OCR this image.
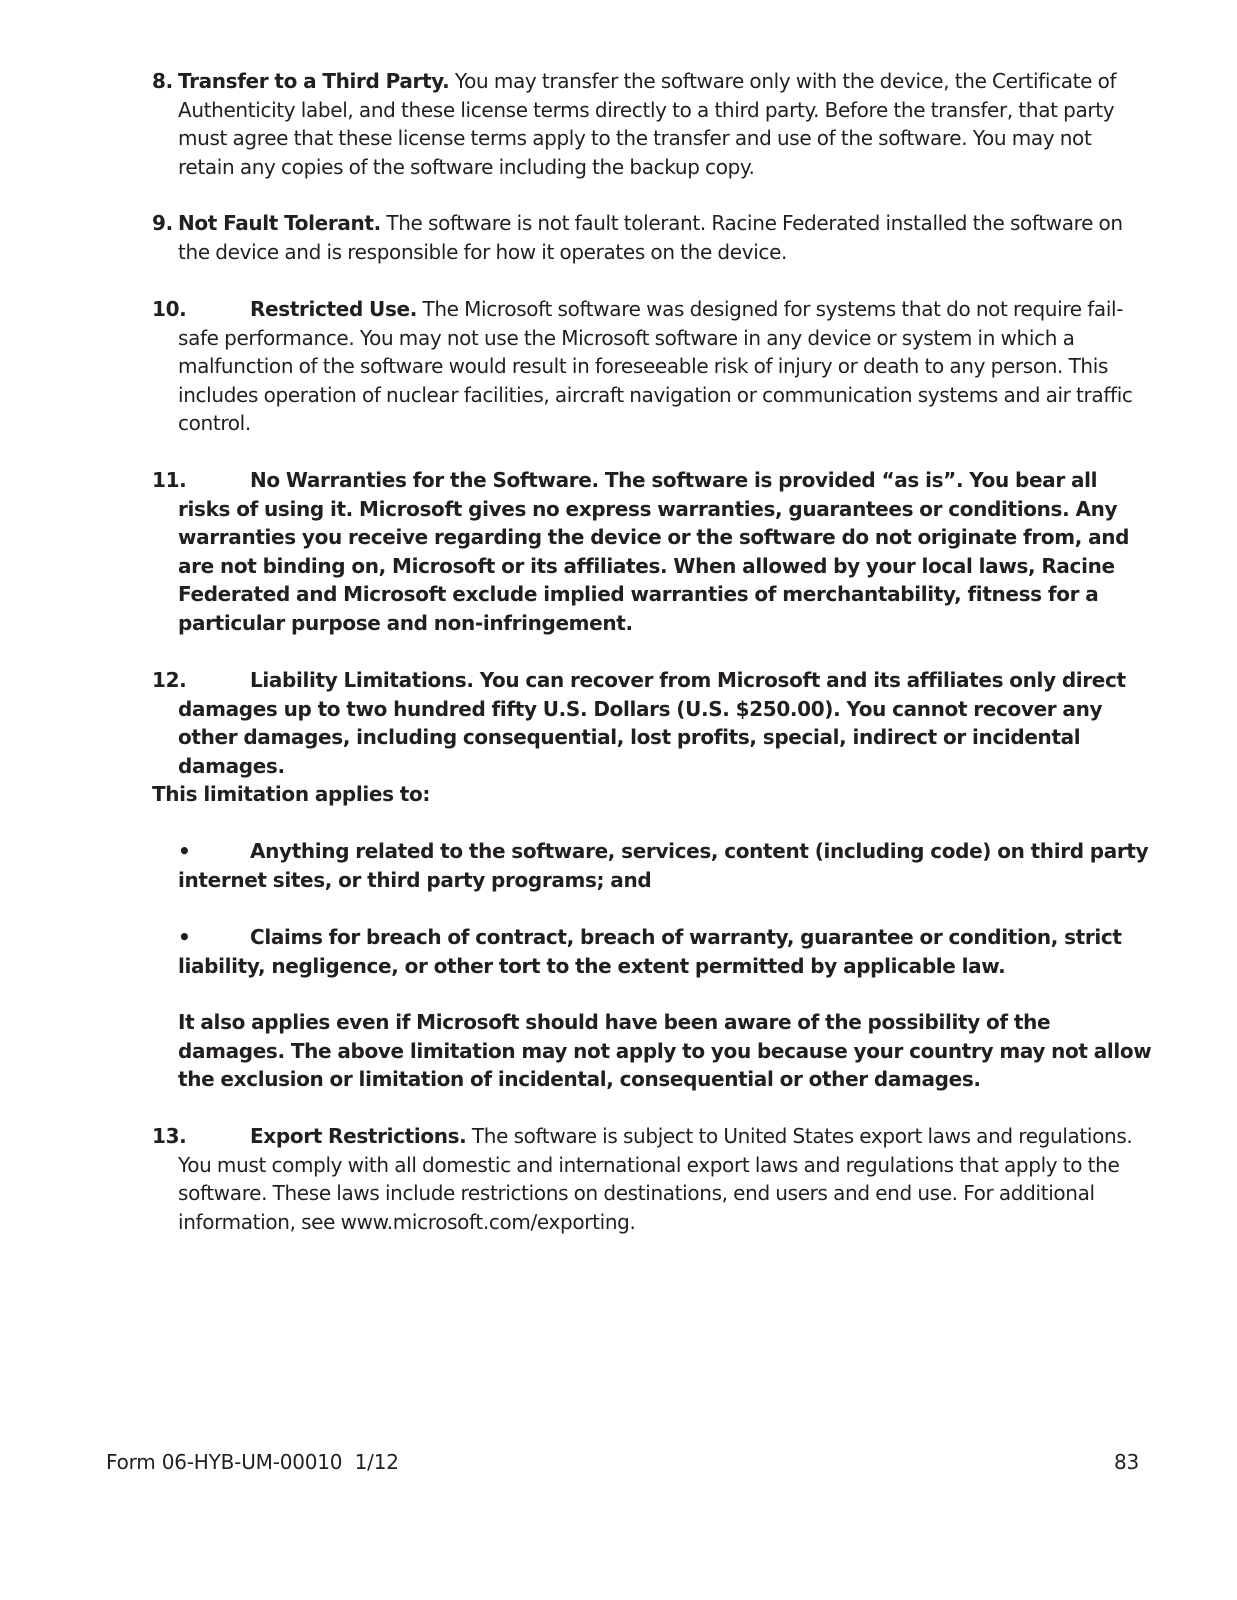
8. Transfer to a Third Party. You may transfer the software only with the device, the Certificate of Authenticity label, and these license terms directly to a third party. Before the transfer, that party must agree that these license terms apply to the transfer and use of the software. You may not retain any copies of the software including the backup copy.

9. Not Fault Tolerant. The software is not fault tolerant. Racine Federated installed the software on the device and is responsible for how it operates on the device.

10.	Restricted Use. The Microsoft software was designed for systems that do not require fail-safe performance. You may not use the Microsoft software in any device or system in which a malfunction of the software would result in foreseeable risk of injury or death to any person. This includes operation of nuclear facilities, aircraft navigation or communication systems and air traffic control.

11.	No Warranties for the Software. The software is provided “as is”. You bear all risks of using it. Microsoft gives no express warranties, guarantees or conditions. Any warranties you receive regarding the device or the software do not originate from, and are not binding on, Microsoft or its affiliates. When allowed by your local laws, Racine Federated and Microsoft exclude implied warranties of merchantability, fitness for a particular purpose and non-infringement.

12.	Liability Limitations. You can recover from Microsoft and its affiliates only direct damages up to two hundred fifty U.S. Dollars (U.S. $250.00). You cannot recover any other damages, including consequential, lost profits, special, indirect or incidental damages.

This limitation applies to:

•	Anything related to the software, services, content (including code) on third party internet sites, or third party programs; and

•	Claims for breach of contract, breach of warranty, guarantee or condition, strict liability, negligence, or other tort to the extent permitted by applicable law.

It also applies even if Microsoft should have been aware of the possibility of the damages. The above limitation may not apply to you because your country may not allow the exclusion or limitation of incidental, consequential or other damages.

13.	Export Restrictions. The software is subject to United States export laws and regulations. You must comply with all domestic and international export laws and regulations that apply to the software. These laws include restrictions on destinations, end users and end use. For additional information, see www.microsoft.com/exporting.

Form 06-HYB-UM-00010  1/12	83
